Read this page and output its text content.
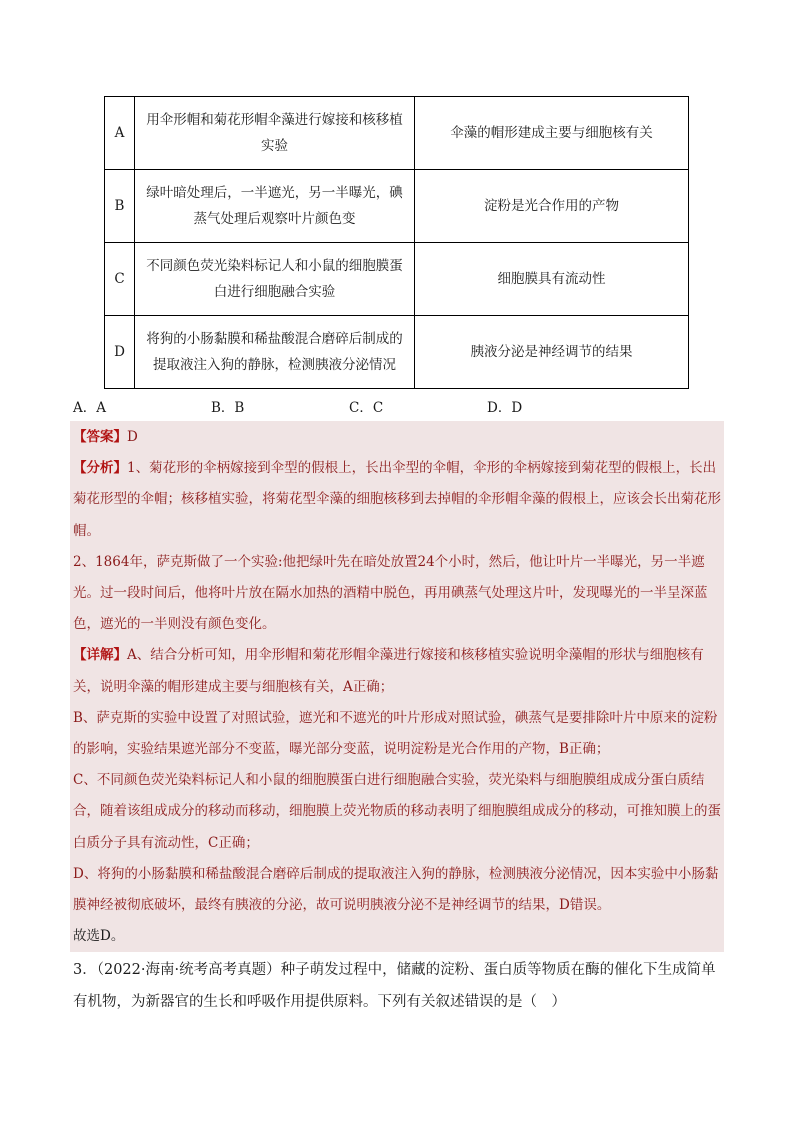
A	用伞形帽和菊花形帽伞藻进行嫁接和核移植实验	伞藻的帽形建成主要与细胞核有关
B	绿叶暗处理后，一半遮光，另一半曝光，碘蒸气处理后观察叶片颜色变	淀粉是光合作用的产物
C	不同颜色荧光染料标记人和小鼠的细胞膜蛋白进行细胞融合实验	细胞膜具有流动性
D	将狗的小肠黏膜和稀盐酸混合磨碎后制成的提取液注入狗的静脉，检测胰液分泌情况	胰液分泌是神经调节的结果
A．A	B．B	C．C	D．D

【答案】D

【分析】1、菊花形的伞柄嫁接到伞型的假根上，长出伞型的伞帽，伞形的伞柄嫁接到菊花型的假根上，长出菊花形型的伞帽；核移植实验，将菊花型伞藻的细胞核移到去掉帽的伞形帽伞藻的假根上，应该会长出菊花形帽。

2、1864年，萨克斯做了一个实验:他把绿叶先在暗处放置24个小时，然后，他让叶片一半曝光，另一半遮光。过一段时间后，他将叶片放在隔水加热的酒精中脱色，再用碘蒸气处理这片叶，发现曝光的一半呈深蓝色，遮光的一半则没有颜色变化。

【详解】A、结合分析可知，用伞形帽和菊花形帽伞藻进行嫁接和核移植实验说明伞藻帽的形状与细胞核有关，说明伞藻的帽形建成主要与细胞核有关，A正确；

B、萨克斯的实验中设置了对照试验，遮光和不遮光的叶片形成对照试验，碘蒸气是要排除叶片中原来的淀粉的影响，实验结果遮光部分不变蓝，曝光部分变蓝，说明淀粉是光合作用的产物，B正确；

C、不同颜色荧光染料标记人和小鼠的细胞膜蛋白进行细胞融合实验，荧光染料与细胞膜组成成分蛋白质结合，随着该组成成分的移动而移动，细胞膜上荧光物质的移动表明了细胞膜组成成分的移动，可推知膜上的蛋白质分子具有流动性，C正确；

D、将狗的小肠黏膜和稀盐酸混合磨碎后制成的提取液注入狗的静脉，检测胰液分泌情况，因本实验中小肠黏膜神经被彻底破坏，最终有胰液的分泌，故可说明胰液分泌不是神经调节的结果，D错误。

故选D。

3．（2022·海南·统考高考真题）种子萌发过程中，储藏的淀粉、蛋白质等物质在酶的催化下生成简单有机物，为新器官的生长和呼吸作用提供原料。下列有关叙述错误的是（　）
